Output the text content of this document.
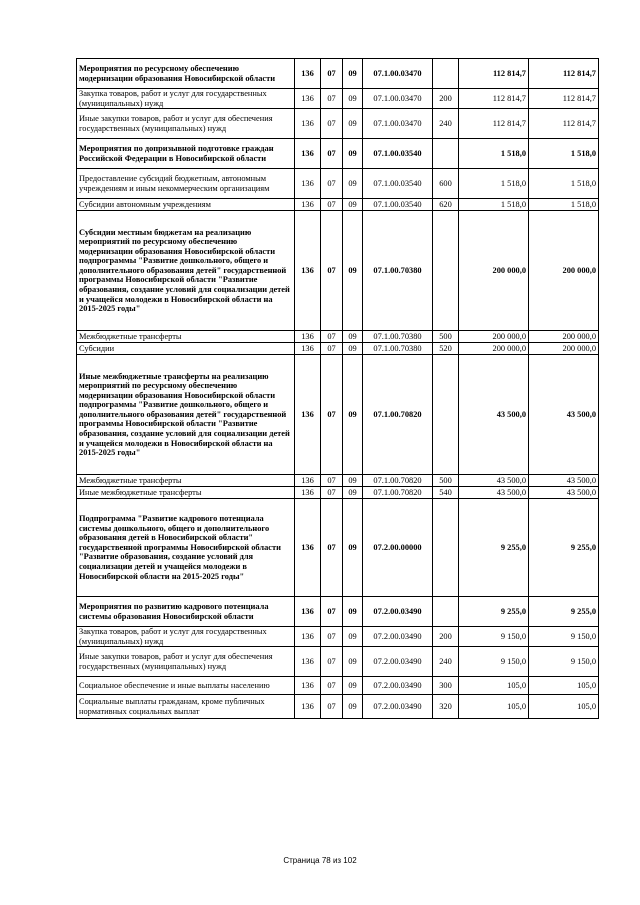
Мероприятия по ресурсному обеспечению модернизации образования Новосибирской области	136	07	09	07.1.00.03470		112 814,7	112 814,7
Закупка товаров, работ и услуг для государственных (муниципальных) нужд	136	07	09	07.1.00.03470	200	112 814,7	112 814,7
Иные закупки товаров, работ и услуг для обеспечения государственных (муниципальных) нужд	136	07	09	07.1.00.03470	240	112 814,7	112 814,7
Мероприятия по допризывной подготовке граждан Российской Федерации в Новосибирской области	136	07	09	07.1.00.03540		1 518,0	1 518,0
Предоставление субсидий бюджетным, автономным учреждениям и иным некоммерческим организациям	136	07	09	07.1.00.03540	600	1 518,0	1 518,0
Субсидии автономным учреждениям	136	07	09	07.1.00.03540	620	1 518,0	1 518,0
Субсидии местным бюджетам на реализацию мероприятий по ресурсному обеспечению модернизации образования Новосибирской области подпрограммы "Развитие дошкольного, общего и дополнительного образования детей" государственной программы Новосибирской области "Развитие образования, создание условий для социализации детей и учащейся молодежи в Новосибирской области на 2015-2025 годы"	136	07	09	07.1.00.70380		200 000,0	200 000,0
Межбюджетные трансферты	136	07	09	07.1.00.70380	500	200 000,0	200 000,0
Субсидии	136	07	09	07.1.00.70380	520	200 000,0	200 000,0
Иные межбюджетные трансферты на реализацию мероприятий по ресурсному обеспечению модернизации образования Новосибирской области подпрограммы "Развитие дошкольного, общего и дополнительного образования детей" государственной программы Новосибирской области "Развитие образования, создание условий для социализации детей и учащейся молодежи в Новосибирской области на 2015-2025 годы"	136	07	09	07.1.00.70820		43 500,0	43 500,0
Межбюджетные трансферты	136	07	09	07.1.00.70820	500	43 500,0	43 500,0
Иные межбюджетные трансферты	136	07	09	07.1.00.70820	540	43 500,0	43 500,0
Подпрограмма "Развитие кадрового потенциала системы дошкольного, общего и дополнительного образования детей в Новосибирской области" государственной программы Новосибирской области "Развитие образования, создание условий для социализации детей и учащейся молодежи в Новосибирской области на 2015-2025 годы"	136	07	09	07.2.00.00000		9 255,0	9 255,0
Мероприятия по развитию кадрового потенциала системы образования Новосибирской области	136	07	09	07.2.00.03490		9 255,0	9 255,0
Закупка товаров, работ и услуг для государственных (муниципальных) нужд	136	07	09	07.2.00.03490	200	9 150,0	9 150,0
Иные закупки товаров, работ и услуг для обеспечения государственных (муниципальных) нужд	136	07	09	07.2.00.03490	240	9 150,0	9 150,0
Социальное обеспечение и иные выплаты населению	136	07	09	07.2.00.03490	300	105,0	105,0
Социальные выплаты гражданам, кроме публичных нормативных социальных выплат	136	07	09	07.2.00.03490	320	105,0	105,0
Страница 78 из 102
